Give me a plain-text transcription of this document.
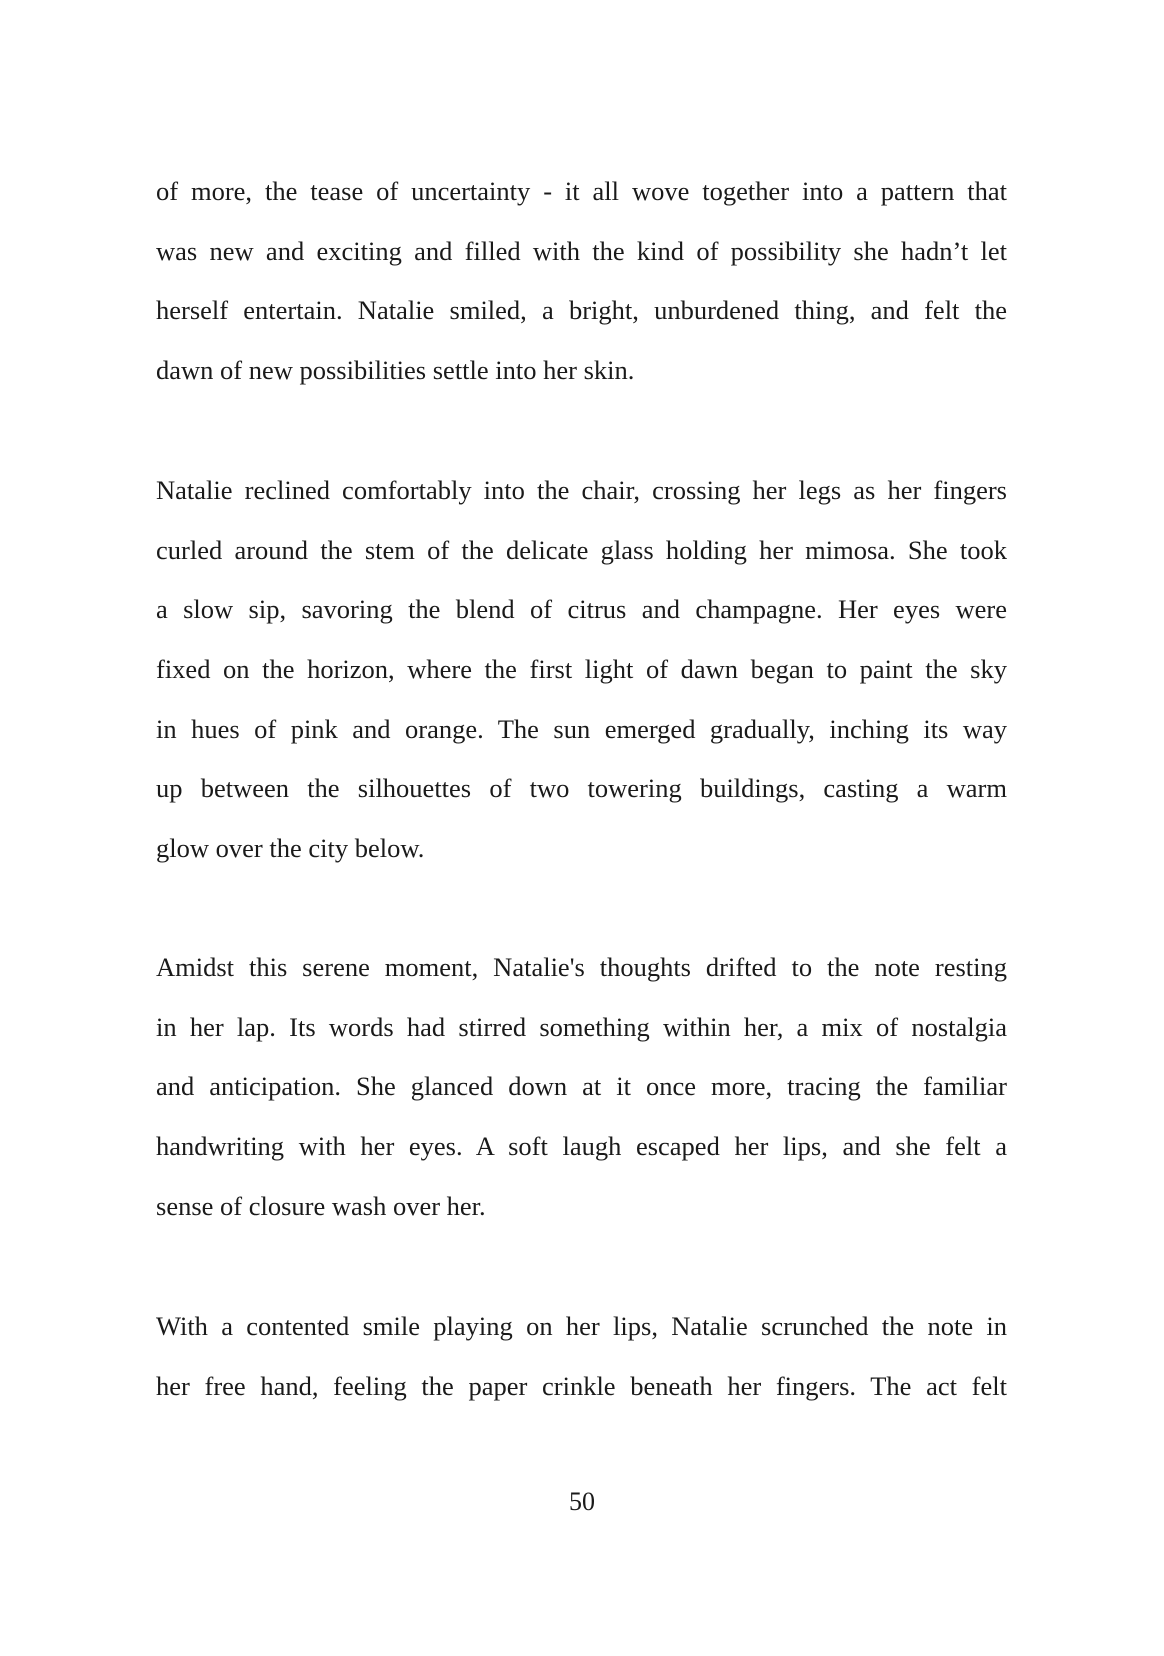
of more, the tease of uncertainty - it all wove together into a pattern that
was new and exciting and filled with the kind of possibility she hadn’t let
herself entertain. Natalie smiled, a bright, unburdened thing, and felt the
dawn of new possibilities settle into her skin.
Natalie reclined comfortably into the chair, crossing her legs as her fingers
curled around the stem of the delicate glass holding her mimosa. She took
a slow sip, savoring the blend of citrus and champagne. Her eyes were
fixed on the horizon, where the first light of dawn began to paint the sky
in hues of pink and orange. The sun emerged gradually, inching its way
up between the silhouettes of two towering buildings, casting a warm
glow over the city below.
Amidst this serene moment, Natalie's thoughts drifted to the note resting
in her lap. Its words had stirred something within her, a mix of nostalgia
and anticipation. She glanced down at it once more, tracing the familiar
handwriting with her eyes. A soft laugh escaped her lips, and she felt a
sense of closure wash over her.
With a contented smile playing on her lips, Natalie scrunched the note in
her free hand, feeling the paper crinkle beneath her fingers. The act felt
50
